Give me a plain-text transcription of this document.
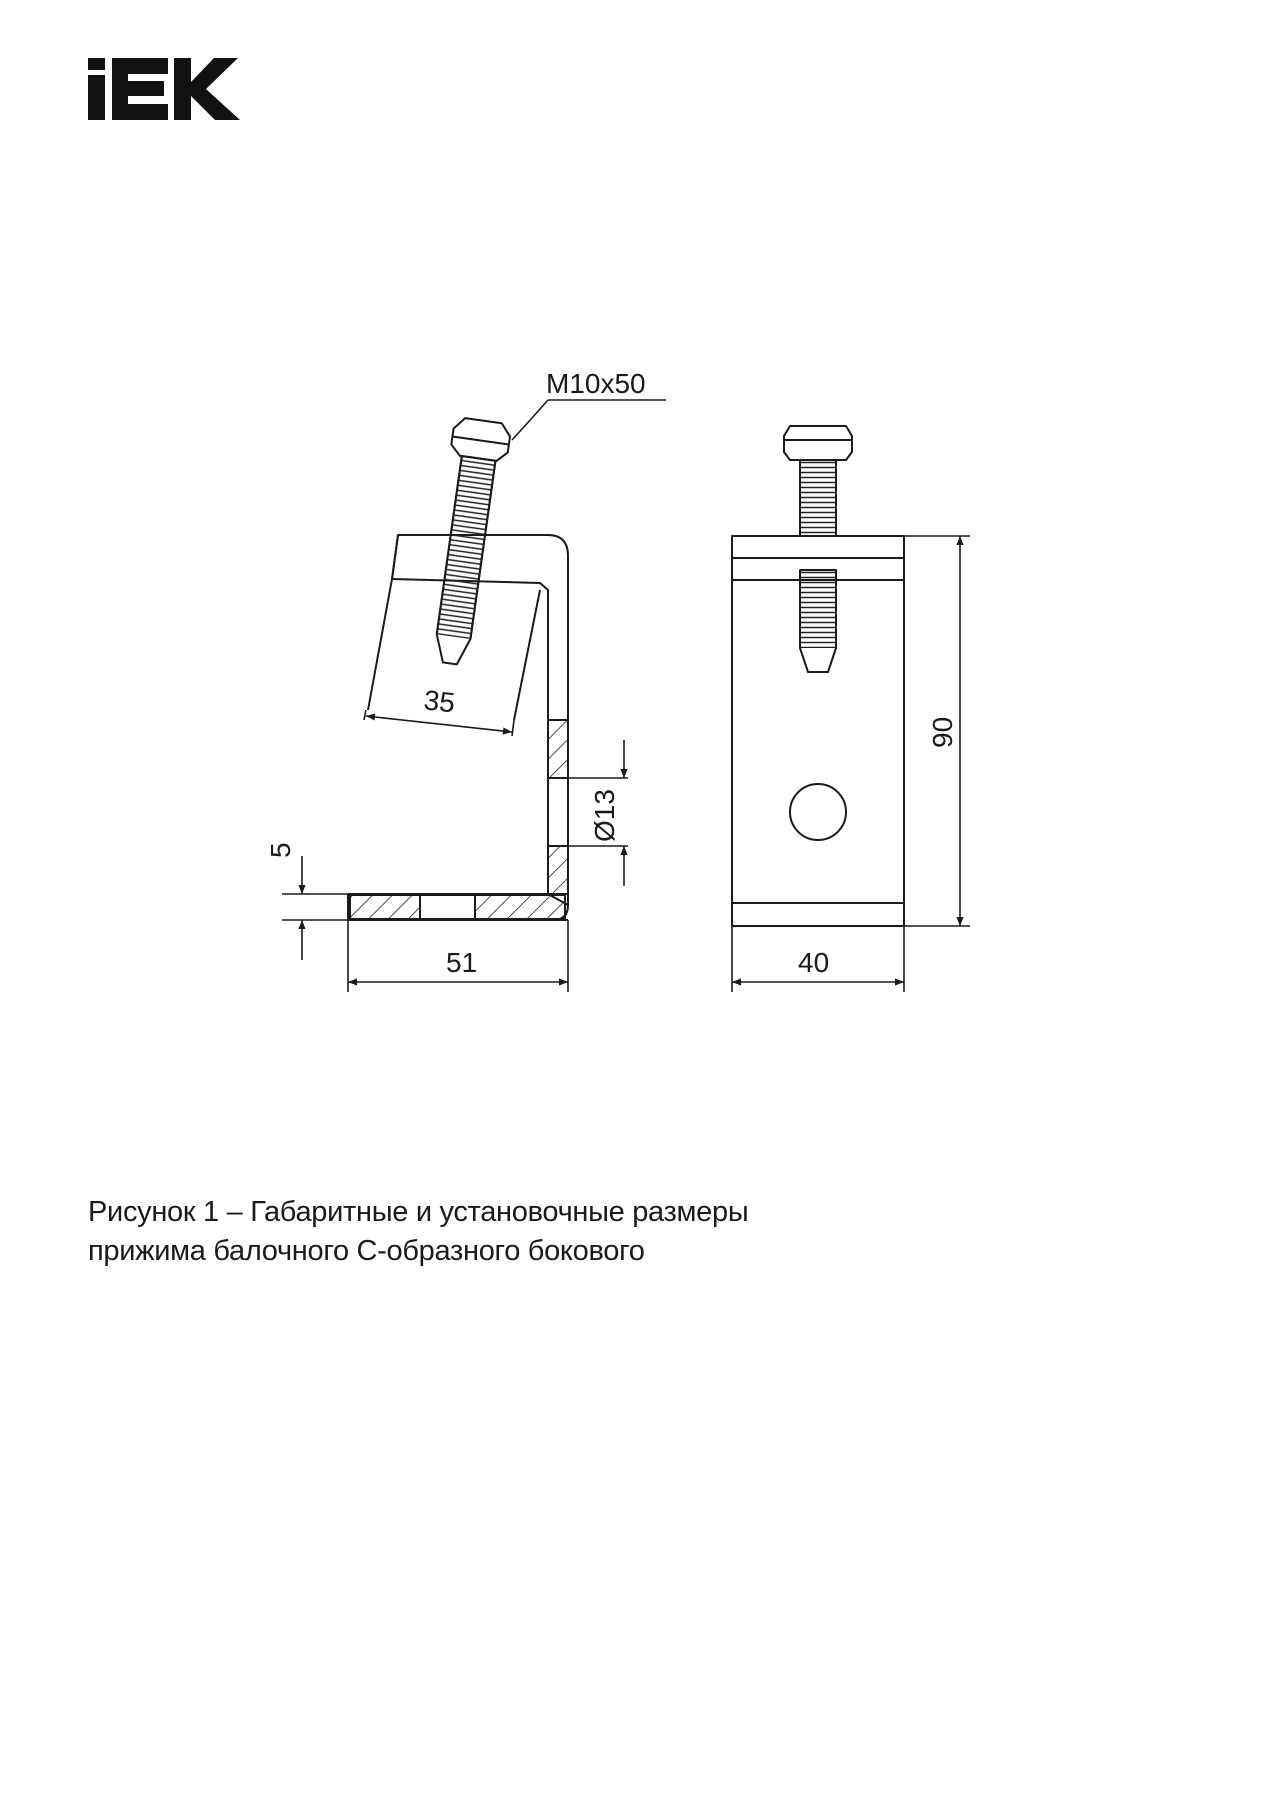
M10x50
35
Ø13
5
51
90
40
Рисунок 1 – Габаритные и установочные размеры
прижима балочного С-образного бокового
